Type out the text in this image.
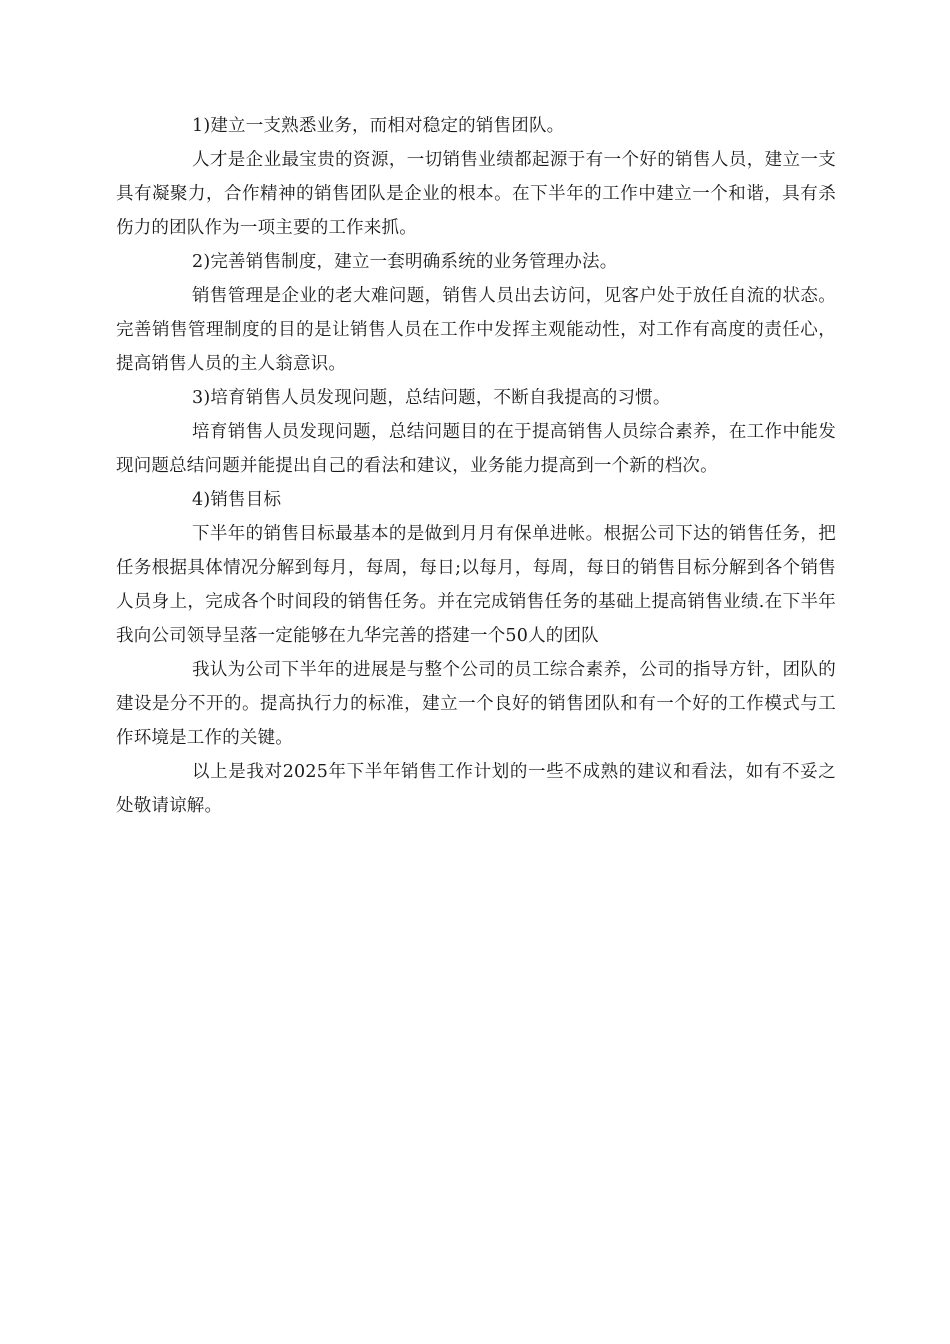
1)建立一支熟悉业务，而相对稳定的销售团队。

人才是企业最宝贵的资源，一切销售业绩都起源于有一个好的销售人员，建立一支具有凝聚力，合作精神的销售团队是企业的根本。在下半年的工作中建立一个和谐，具有杀伤力的团队作为一项主要的工作来抓。

2)完善销售制度，建立一套明确系统的业务管理办法。

销售管理是企业的老大难问题，销售人员出去访问，见客户处于放任自流的状态。完善销售管理制度的目的是让销售人员在工作中发挥主观能动性，对工作有高度的责任心，提高销售人员的主人翁意识。

3)培育销售人员发现问题，总结问题，不断自我提高的习惯。

培育销售人员发现问题，总结问题目的在于提高销售人员综合素养，在工作中能发现问题总结问题并能提出自己的看法和建议，业务能力提高到一个新的档次。

4)销售目标

下半年的销售目标最基本的是做到月月有保单进帐。根据公司下达的销售任务，把任务根据具体情况分解到每月，每周，每日;以每月，每周，每日的销售目标分解到各个销售人员身上，完成各个时间段的销售任务。并在完成销售任务的基础上提高销售业绩.在下半年我向公司领导呈落一定能够在九华完善的搭建一个50人的团队

我认为公司下半年的进展是与整个公司的员工综合素养，公司的指导方针，团队的建设是分不开的。提高执行力的标准，建立一个良好的销售团队和有一个好的工作模式与工作环境是工作的关键。

以上是我对2025年下半年销售工作计划的一些不成熟的建议和看法，如有不妥之处敬请谅解。
